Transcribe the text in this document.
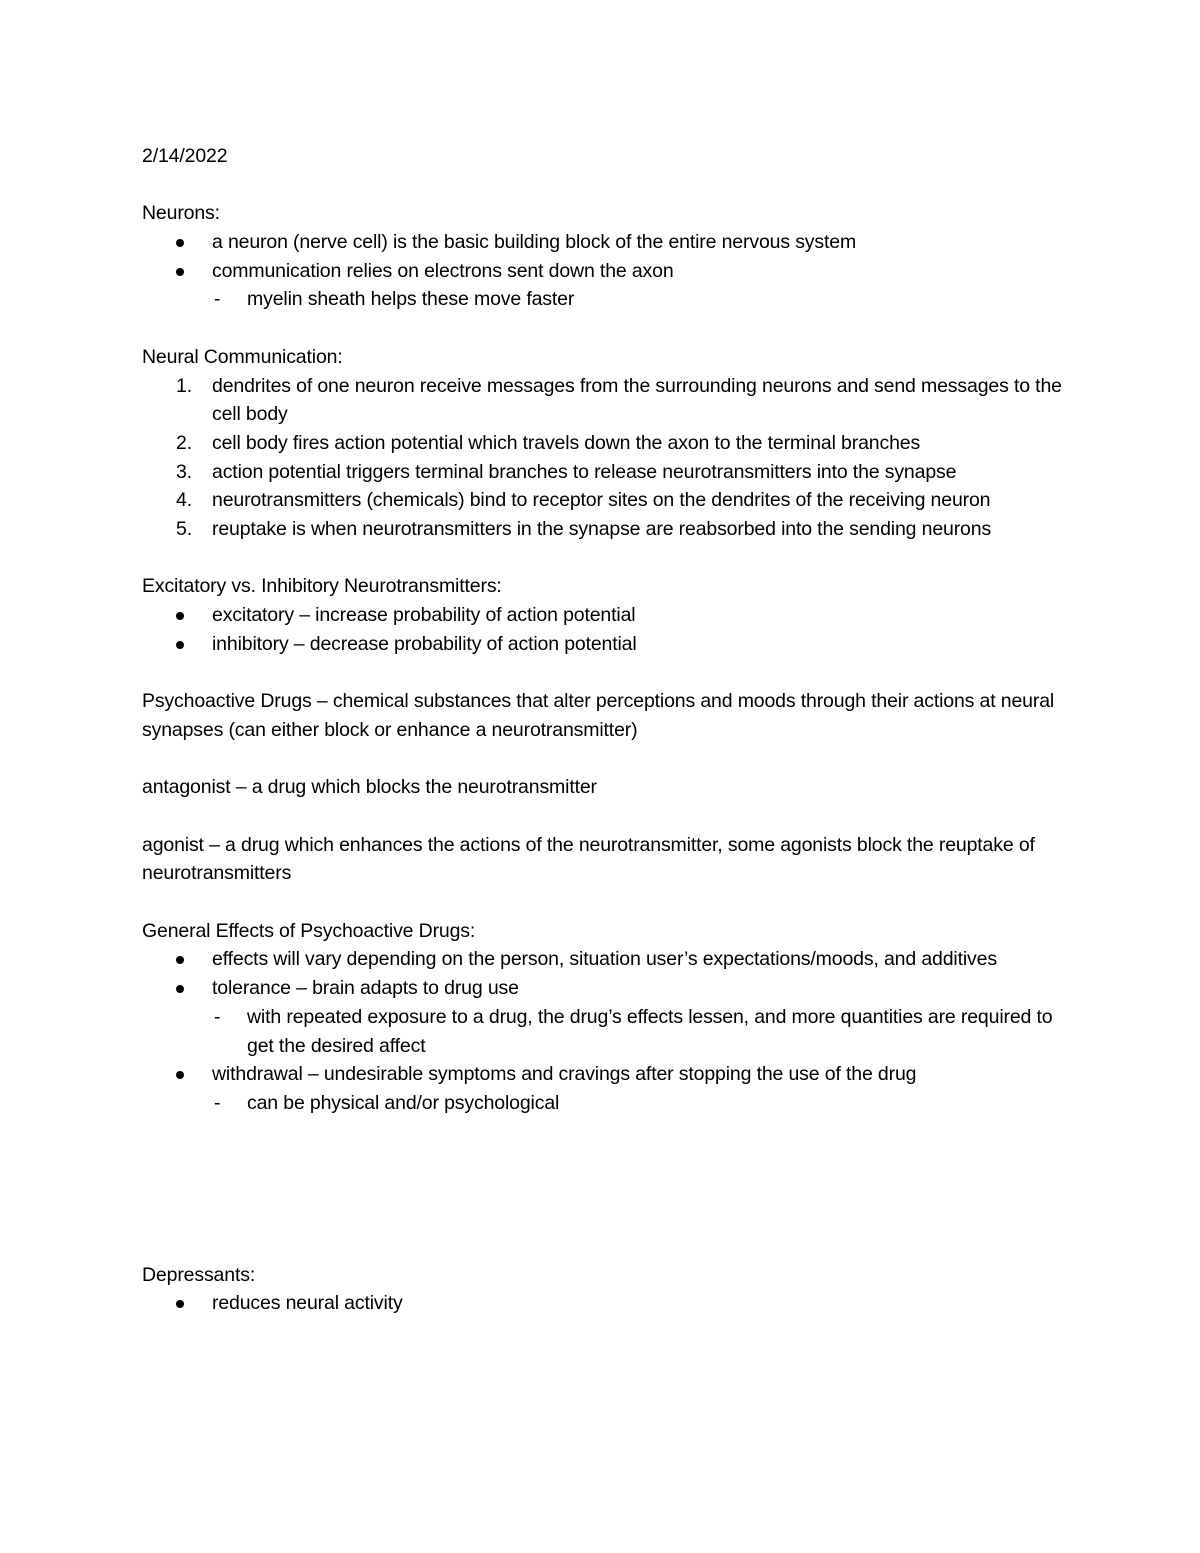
2/14/2022
Neurons:
a neuron (nerve cell) is the basic building block of the entire nervous system
communication relies on electrons sent down the axon
- myelin sheath helps these move faster
Neural Communication:
1. dendrites of one neuron receive messages from the surrounding neurons and send messages to the cell body
2. cell body fires action potential which travels down the axon to the terminal branches
3. action potential triggers terminal branches to release neurotransmitters into the synapse
4. neurotransmitters (chemicals) bind to receptor sites on the dendrites of the receiving neuron
5. reuptake is when neurotransmitters in the synapse are reabsorbed into the sending neurons
Excitatory vs. Inhibitory Neurotransmitters:
excitatory – increase probability of action potential
inhibitory – decrease probability of action potential
Psychoactive Drugs – chemical substances that alter perceptions and moods through their actions at neural synapses (can either block or enhance a neurotransmitter)
antagonist – a drug which blocks the neurotransmitter
agonist – a drug which enhances the actions of the neurotransmitter, some agonists block the reuptake of neurotransmitters
General Effects of Psychoactive Drugs:
effects will vary depending on the person, situation user’s expectations/moods, and additives
tolerance – brain adapts to drug use
- with repeated exposure to a drug, the drug’s effects lessen, and more quantities are required to get the desired affect
withdrawal – undesirable symptoms and cravings after stopping the use of the drug
- can be physical and/or psychological
Depressants:
reduces neural activity
